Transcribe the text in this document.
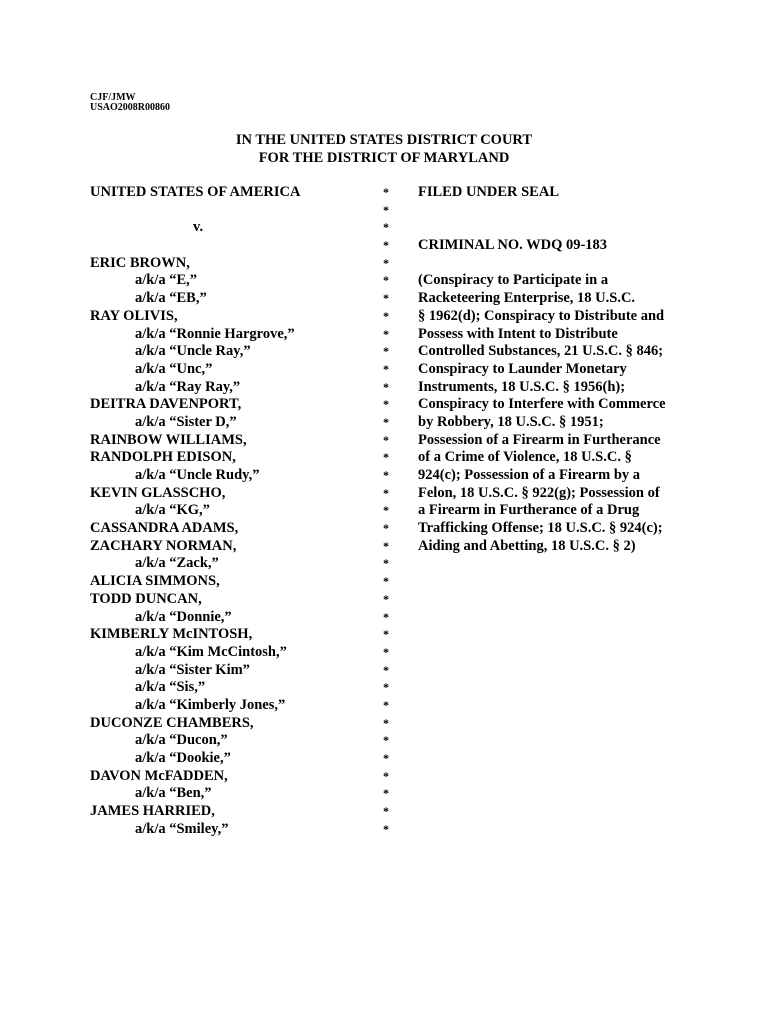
CJF/JMW
USAO2008R00860
IN THE UNITED STATES DISTRICT COURT
FOR THE DISTRICT OF MARYLAND
UNITED STATES OF AMERICA
v.
ERIC BROWN,
a/k/a “E,”
a/k/a “EB,”
RAY OLIVIS,
a/k/a “Ronnie Hargrove,”
a/k/a “Uncle Ray,”
a/k/a “Unc,”
a/k/a “Ray Ray,”
DEITRA DAVENPORT,
a/k/a “Sister D,”
RAINBOW WILLIAMS,
RANDOLPH EDISON,
a/k/a “Uncle Rudy,”
KEVIN GLASSCHO,
a/k/a “KG,”
CASSANDRA ADAMS,
ZACHARY NORMAN,
a/k/a “Zack,”
ALICIA SIMMONS,
TODD DUNCAN,
a/k/a “Donnie,”
KIMBERLY McINTOSH,
a/k/a “Kim McCintosh,”
a/k/a “Sister Kim”
a/k/a “Sis,”
a/k/a “Kimberly Jones,”
DUCONZE CHAMBERS,
a/k/a “Ducon,”
a/k/a “Dookie,”
DAVON McFADDEN,
a/k/a “Ben,”
JAMES HARRIED,
a/k/a “Smiley,”
*
*
*
*
*
*
*
*
*
*
*
*
*
*
*
*
*
*
*
*
*
*
*
*
*
*
*
*
*
*
*
*
*
*
*
*
*
FILED UNDER SEAL
CRIMINAL NO. WDQ 09-183
(Conspiracy to Participate in a
Racketeering Enterprise, 18 U.S.C.
§ 1962(d); Conspiracy to Distribute and
Possess with Intent to Distribute
Controlled Substances, 21 U.S.C. § 846;
Conspiracy to Launder Monetary
Instruments, 18 U.S.C. § 1956(h);
Conspiracy to Interfere with Commerce
by Robbery, 18 U.S.C. § 1951;
Possession of a Firearm in Furtherance
of a Crime of Violence, 18 U.S.C. §
924(c); Possession of a Firearm by a
Felon, 18 U.S.C. § 922(g); Possession of
a Firearm in Furtherance of a Drug
Trafficking Offense; 18 U.S.C. § 924(c);
Aiding and Abetting, 18 U.S.C. § 2)
